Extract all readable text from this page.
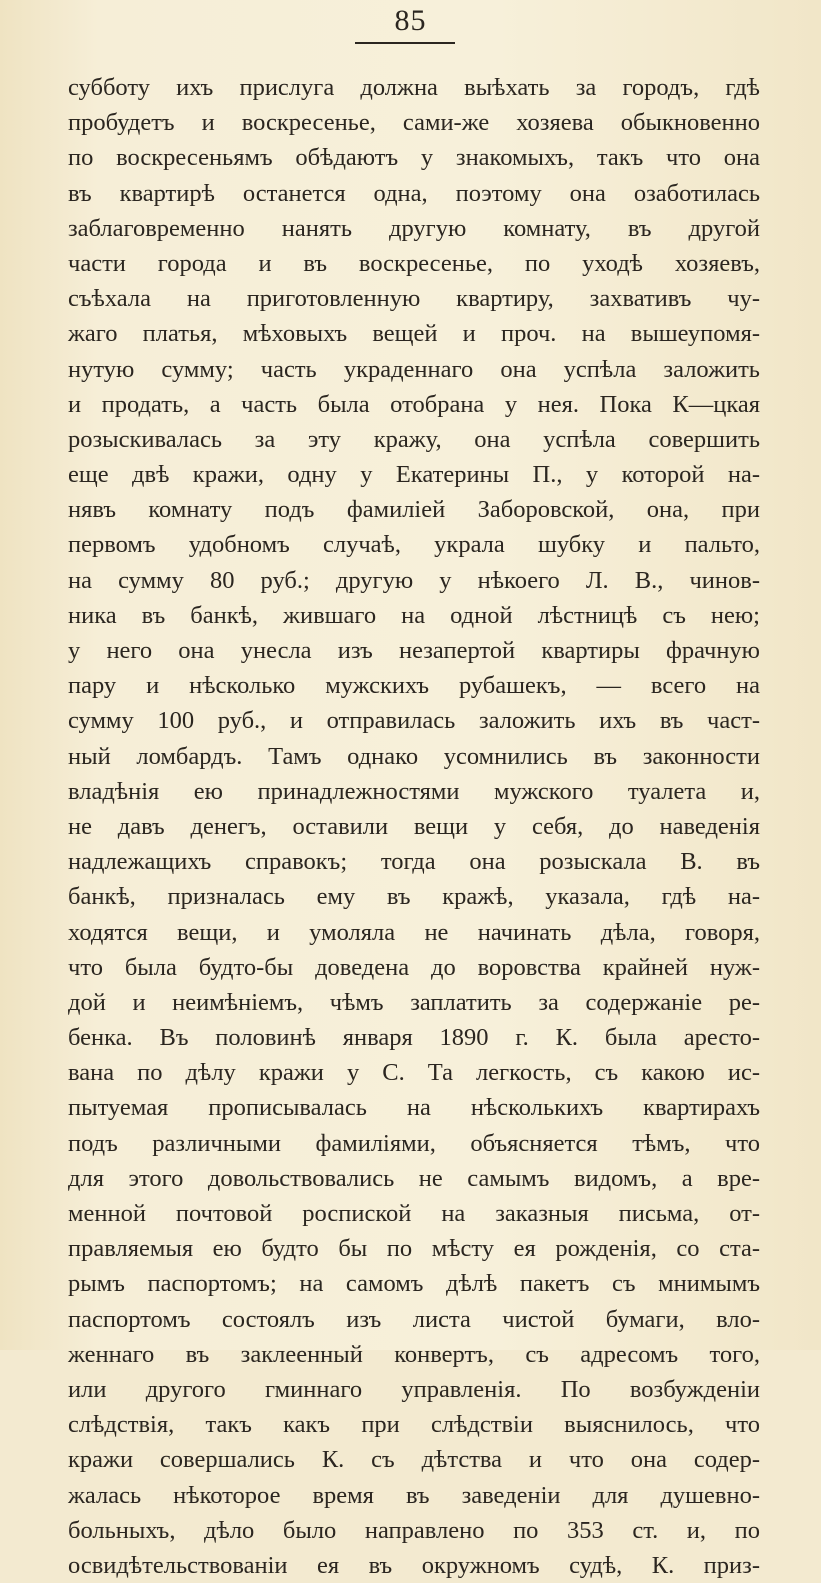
85
субботу ихъ прислуга должна выѣхать за городъ, гдѣ
пробудетъ и воскресенье, сами-же хозяева обыкновенно
по воскресеньямъ обѣдаютъ у знакомыхъ, такъ что она
въ квартирѣ останется одна, поэтому она озаботилась
заблаговременно нанять другую комнату, въ другой
части города и въ воскресенье, по уходѣ хозяевъ,
съѣхала на приготовленную квартиру, захвативъ чу-
жаго платья, мѣховыхъ вещей и проч. на вышеупомя-
нутую сумму; часть украденнаго она успѣла заложить
и продать, а часть была отобрана у нея. Пока К—цкая
розыскивалась за эту кражу, она успѣла совершить
еще двѣ кражи, одну у Екатерины П., у которой на-
нявъ комнату подъ фамиліей Заборовской, она, при
первомъ удобномъ случаѣ, украла шубку и пальто,
на сумму 80 руб.; другую у нѣкоего Л. В., чинов-
ника въ банкѣ, жившаго на одной лѣстницѣ съ нею;
у него она унесла изъ незапертой квартиры фрачную
пару и нѣсколько мужскихъ рубашекъ, — всего на
сумму 100 руб., и отправилась заложить ихъ въ част-
ный ломбардъ. Тамъ однако усомнились въ законности
владѣнія ею принадлежностями мужского туалета и,
не давъ денегъ, оставили вещи у себя, до наведенія
надлежащихъ справокъ; тогда она розыскала В. въ
банкѣ, призналась ему въ кражѣ, указала, гдѣ на-
ходятся вещи, и умоляла не начинать дѣла, говоря,
что была будто-бы доведена до воровства крайней нуж-
дой и неимѣніемъ, чѣмъ заплатить за содержаніе ре-
бенка. Въ половинѣ января 1890 г. К. была аресто-
вана по дѣлу кражи у С. Та легкость, съ какою ис-
пытуемая прописывалась на нѣсколькихъ квартирахъ
подъ различными фамиліями, объясняется тѣмъ, что
для этого довольствовались не самымъ видомъ, а вре-
менной почтовой роспиской на заказныя письма, от-
правляемыя ею будто бы по мѣсту ея рожденія, со ста-
рымъ паспортомъ; на самомъ дѣлѣ пакетъ съ мнимымъ
паспортомъ состоялъ изъ листа чистой бумаги, вло-
женнаго въ заклеенный конвертъ, съ адресомъ того,
или другого гминнаго управленія. По возбужденіи
слѣдствія, такъ какъ при слѣдствіи выяснилось, что
кражи совершались К. съ дѣтства и что она содер-
жалась нѣкоторое время въ заведеніи для душевно-
больныхъ, дѣло было направлено по 353 ст. и, по
освидѣтельствованіи ея въ окружномъ судѣ, К. приз-
